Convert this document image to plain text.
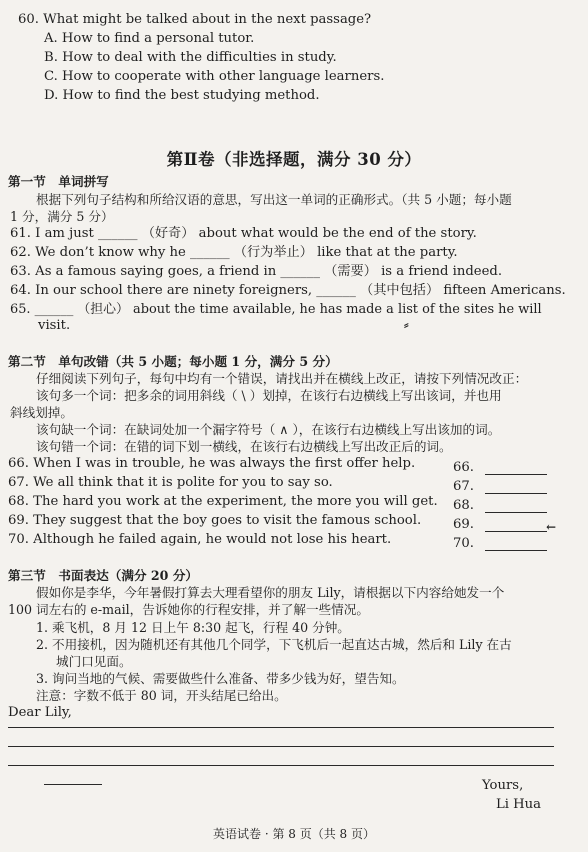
60. What might be talked about in the next passage?
A. How to find a personal tutor.
B. How to deal with the difficulties in study.
C. How to cooperate with other language learners.
D. How to find the best studying method.
第Ⅱ卷（非选择题，满分 30 分）
第一节　单词拼写
根据下列句子结构和所给汉语的意思，写出这一单词的正确形式。（共 5 小题；每小题
1 分，满分 5 分）
61. I am just ______ （好奇） about what would be the end of the story.
62. We don’t know why he ______ （行为举止） like that at the party.
63. As a famous saying goes, a friend in ______ （需要） is a friend indeed.
64. In our school there are ninety foreigners, ______ （其中包括） fifteen Americans.
65. ______ （担心） about the time available, he has made a list of the sites he will
visit.
第二节　单句改错（共 5 小题；每小题 1 分，满分 5 分）
仔细阅读下列句子，每句中均有一个错误，请找出并在横线上改正，请按下列情况改正：
该句多一个词：把多余的词用斜线（ \ ）划掉，在该行右边横线上写出该词，并也用
斜线划掉。
该句缺一个词：在缺词处加一个漏字符号（ ∧ ），在该行右边横线上写出该加的词。
该句错一个词：在错的词下划一横线，在该行右边横线上写出改正后的词。
66. When I was in trouble, he was always the first offer help.
67. We all think that it is polite for you to say so.
68. The hard you work at the experiment, the more you will get.
69. They suggest that the boy goes to visit the famous school.
70. Although he failed again, he would not lose his heart.
66.
67.
68.
69.
70.
第三节　书面表达（满分 20 分）
假如你是李华，今年暑假打算去大理看望你的朋友 Lily，请根据以下内容给她发一个
100 词左右的 e-mail，告诉她你的行程安排，并了解一些情况。
1. 乘飞机，8 月 12 日上午 8:30 起飞，行程 40 分钟。
2. 不用接机，因为随机还有其他几个同学，下飞机后一起直达古城，然后和 Lily 在古
城门口见面。
3. 询问当地的气候、需要做些什么准备、带多少钱为好，望告知。
注意：字数不低于 80 词，开头结尾已给出。
Dear Lily,
Yours,
Li Hua
⸗
←
英语试卷 · 第 8 页（共 8 页）
